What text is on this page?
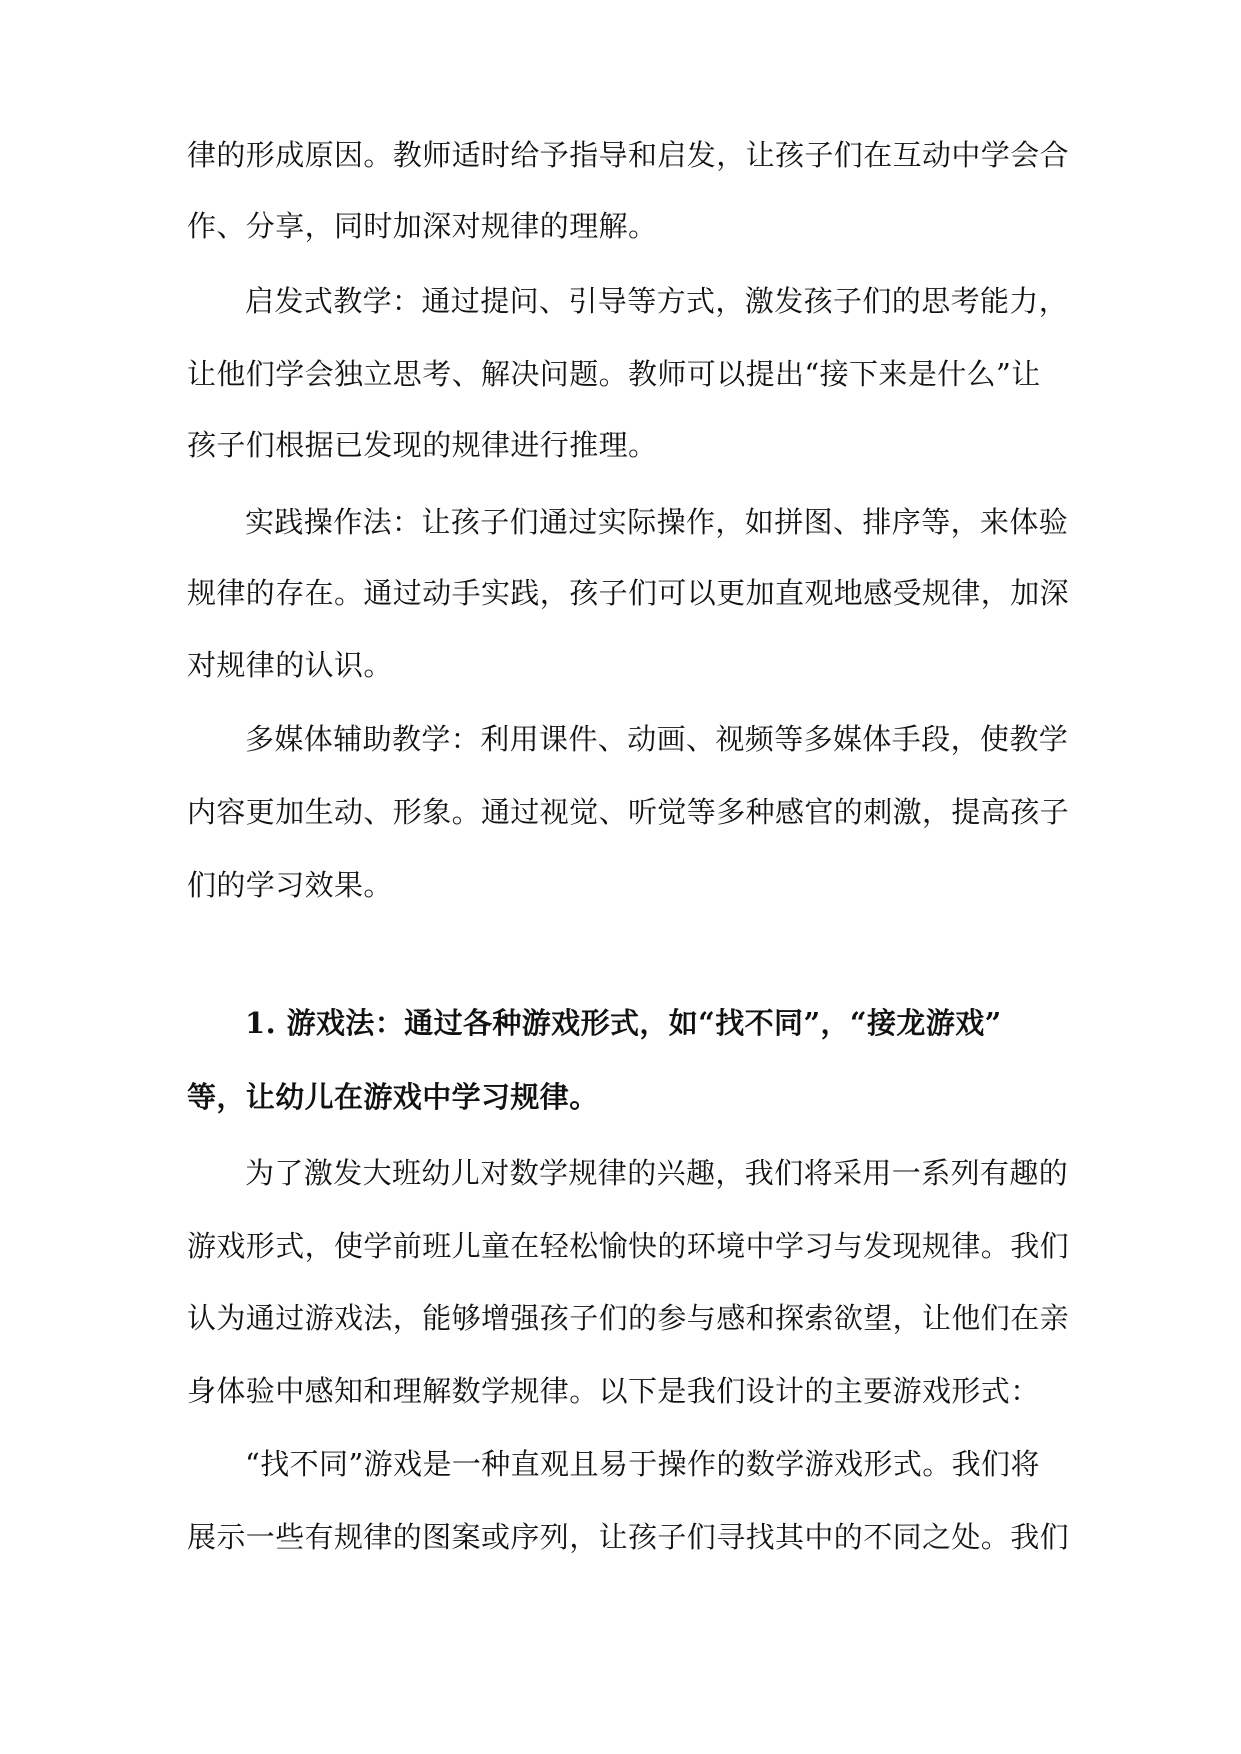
律的形成原因。教师适时给予指导和启发，让孩子们在互动中学会合
作、分享，同时加深对规律的理解。
启发式教学：通过提问、引导等方式，激发孩子们的思考能力，
让他们学会独立思考、解决问题。教师可以提出“接下来是什么”让
孩子们根据已发现的规律进行推理。
实践操作法：让孩子们通过实际操作，如拼图、排序等，来体验
规律的存在。通过动手实践，孩子们可以更加直观地感受规律，加深
对规律的认识。
多媒体辅助教学：利用课件、动画、视频等多媒体手段，使教学
内容更加生动、形象。通过视觉、听觉等多种感官的刺激，提高孩子
们的学习效果。
1. 游戏法：通过各种游戏形式，如“找不同”，“接龙游戏”
等，让幼儿在游戏中学习规律。
为了激发大班幼儿对数学规律的兴趣，我们将采用一系列有趣的
游戏形式，使学前班儿童在轻松愉快的环境中学习与发现规律。我们
认为通过游戏法，能够增强孩子们的参与感和探索欲望，让他们在亲
身体验中感知和理解数学规律。以下是我们设计的主要游戏形式：
“找不同”游戏是一种直观且易于操作的数学游戏形式。我们将
展示一些有规律的图案或序列，让孩子们寻找其中的不同之处。我们
